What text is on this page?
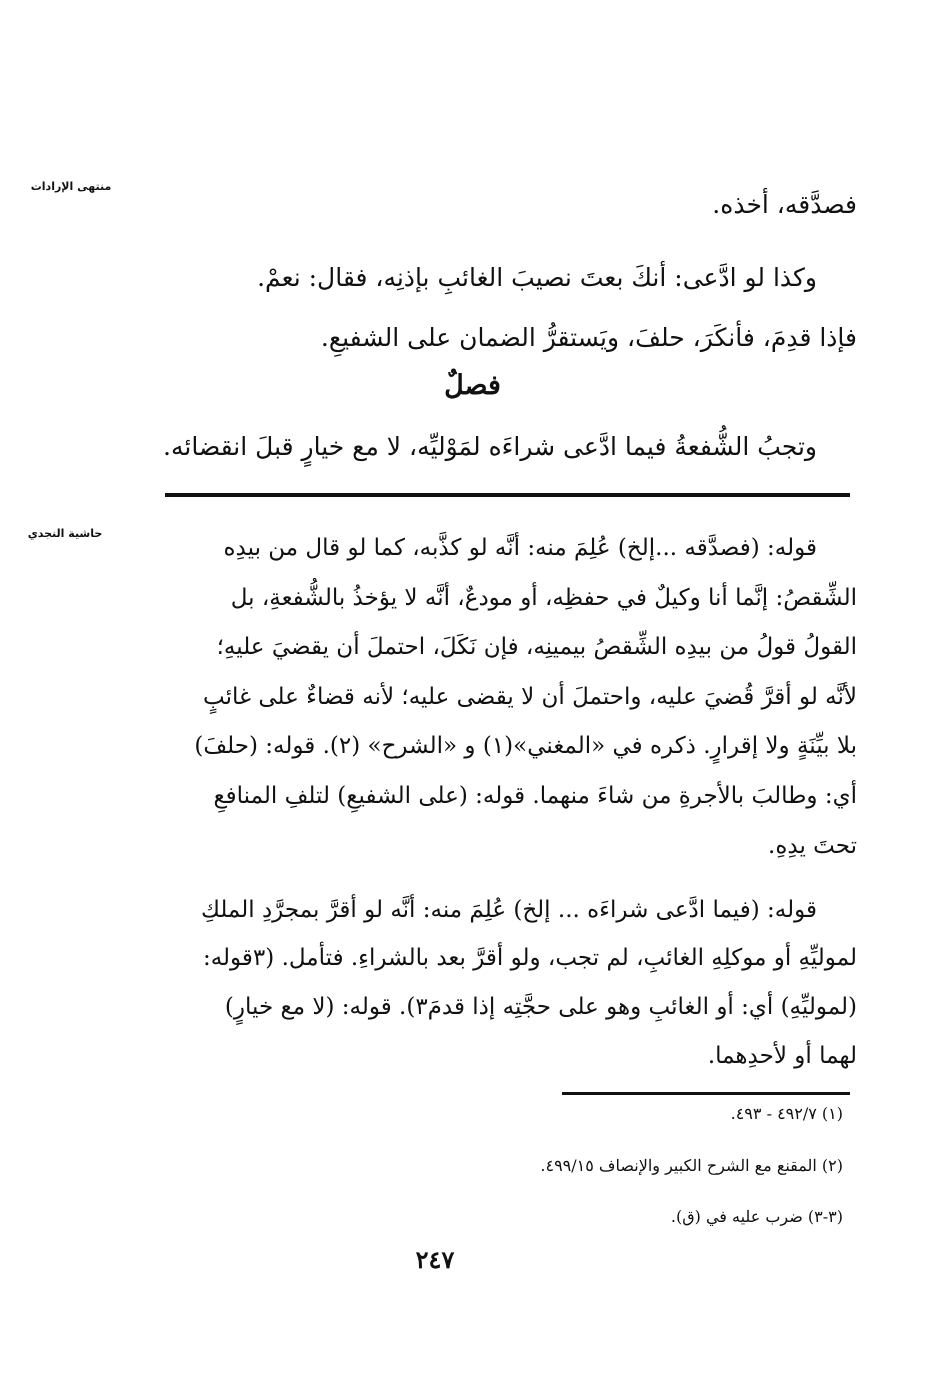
منتهى الإرادات
حاشية النجدي
فصدَّقه، أخذه.
وكذا لو ادَّعى: أنكَ بعتَ نصيبَ الغائبِ بإذنِه، فقال: نعمْ.
فإذا قدِمَ، فأنكَرَ، حلفَ، ويَستقرُّ الضمان على الشفيعِ.
فصلٌ
وتجبُ الشُّفعةُ فيما ادَّعى شراءَه لمَوْليِّه، لا مع خيارٍ قبلَ انقضائه.
قوله: (فصدَّقه ...إلخ) عُلِمَ منه: أنَّه لو كذَّبه، كما لو قال من بيدِه
الشِّقصُ: إنَّما أنا وكيلٌ في حفظِه، أو مودعٌ، أنَّه لا يؤخذُ بالشُّفعةِ، بل
القولُ قولُ من بيدِه الشِّقصُ بيمينِه، فإن نَكَلَ، احتملَ أن يقضيَ عليهِ؛
لأنَّه لو أقرَّ قُضيَ عليه، واحتملَ أن لا يقضى عليه؛ لأنه قضاءٌ على غائبٍ
بلا بيِّنَةٍ ولا إقرارٍ. ذكره في «المغني»(١) و «الشرح» (٢). قوله: (حلفَ)
أي: وطالبَ بالأجرةِ من شاءَ منهما. قوله: (على الشفيعِ) لتلفِ المنافعِ
تحتَ يدِهِ.
قوله: (فيما ادَّعى شراءَه ... إلخ) عُلِمَ منه: أنَّه لو أقرَّ بمجرَّدِ الملكِ
لموليِّهِ أو موكلِهِ الغائبِ، لم تجب، ولو أقرَّ بعد بالشراءِ. فتأمل. (٣قوله:
(لموليِّهِ) أي: أو الغائبِ وهو على حجَّتِه إذا قدمَ٣). قوله: (لا مع خيارٍ)
لهما أو لأحدِهما.
(١) ٤٩٢/٧ - ٤٩٣.
(٢) المقنع مع الشرح الكبير والإنصاف ٤٩٩/١٥.
(٣-٣) ضرب عليه في (ق).
٢٤٧
